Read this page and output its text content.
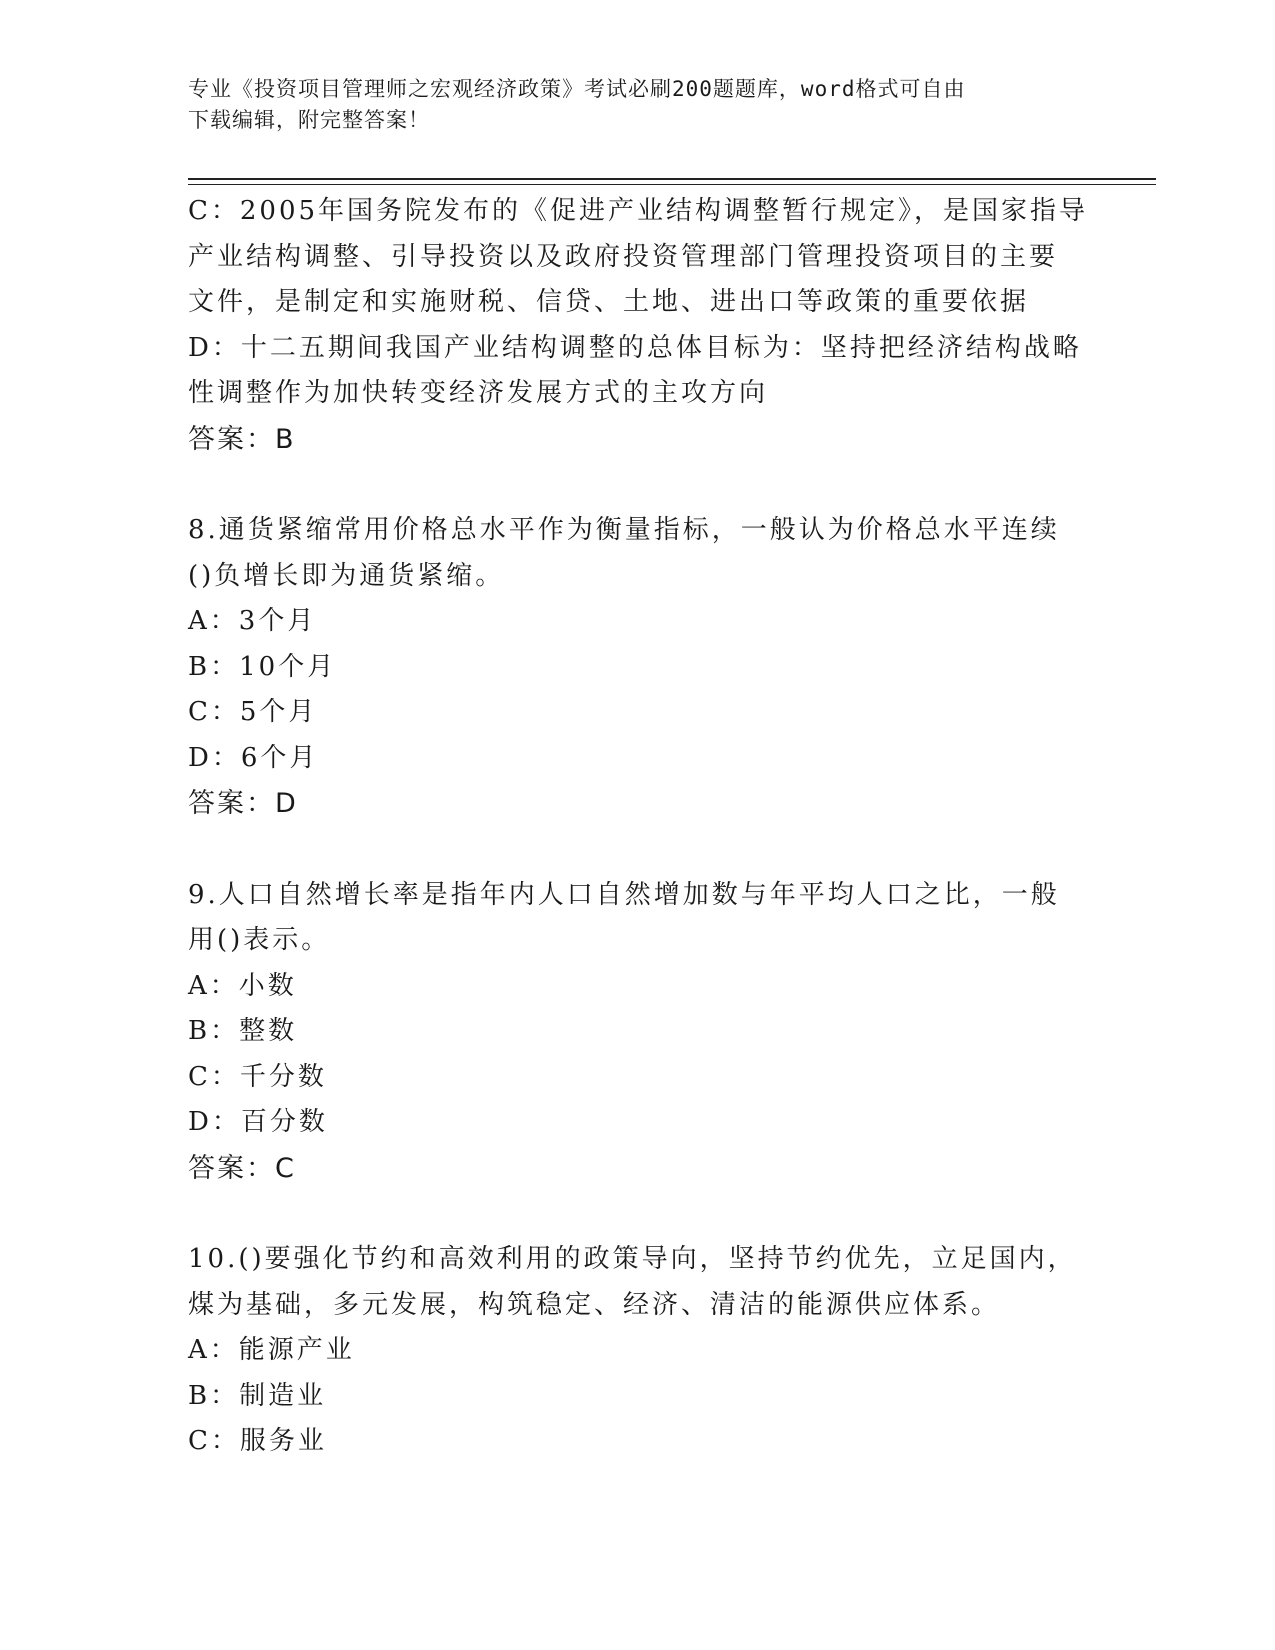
专业《投资项目管理师之宏观经济政策》考试必刷200题题库，word格式可自由
下载编辑，附完整答案！
C：2005年国务院发布的《促进产业结构调整暂行规定》，是国家指导
产业结构调整、引导投资以及政府投资管理部门管理投资项目的主要
文件，是制定和实施财税、信贷、土地、进出口等政策的重要依据
D：十二五期间我国产业结构调整的总体目标为：坚持把经济结构战略
性调整作为加快转变经济发展方式的主攻方向
答案：B
8.通货紧缩常用价格总水平作为衡量指标，一般认为价格总水平连续
()负增长即为通货紧缩。
A：3个月
B：10个月
C：5个月
D：6个月
答案：D
9.人口自然增长率是指年内人口自然增加数与年平均人口之比，一般
用()表示。
A：小数
B：整数
C：千分数
D：百分数
答案：C
10.()要强化节约和高效利用的政策导向，坚持节约优先，立足国内，
煤为基础，多元发展，构筑稳定、经济、清洁的能源供应体系。
A：能源产业
B：制造业
C：服务业
